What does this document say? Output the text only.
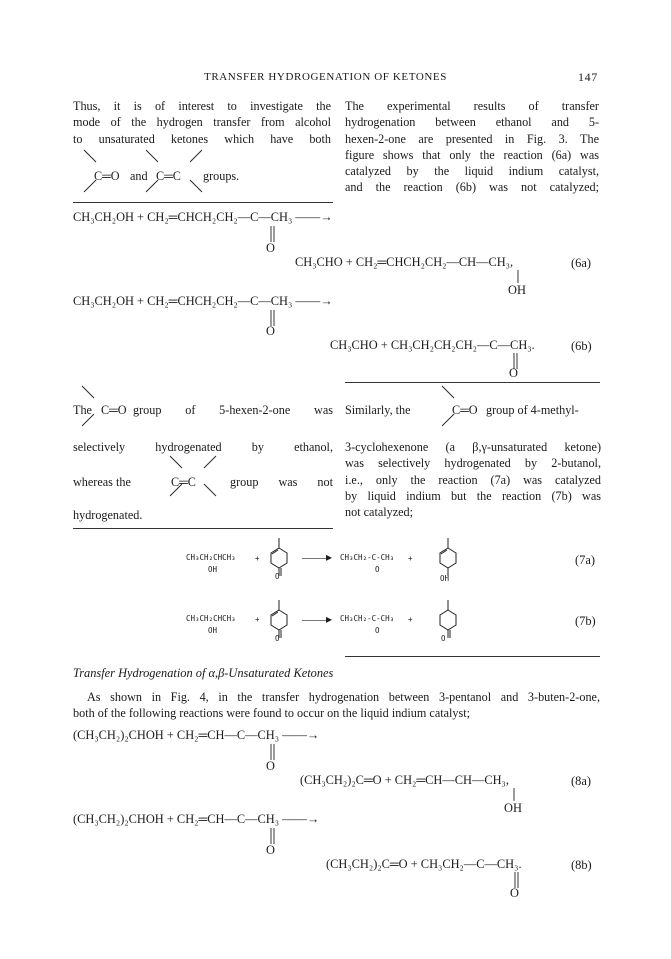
TRANSFER HYDROGENATION OF KETONES	147
Thus, it is of interest to investigate the
mode of the hydrogen transfer from alcohol
to unsaturated ketones which have both
C═O and C═C groups.
The experimental results of transfer
hydrogenation between ethanol and 5-
hexen-2-one are presented in Fig. 3. The
figure shows that only the reaction (6a) was
catalyzed by the liquid indium catalyst,
and the reaction (6b) was not catalyzed;
CH₃CH₂OH + CH₂═CHCH₂CH₂—C—CH₃ ——→
O
CH₃CHO + CH₂═CHCH₂CH₂—CH—CH₃,
OH
(6a)
CH₃CH₂OH + CH₂═CHCH₂CH₂—C—CH₃ ——→
O
CH₃CHO + CH₃CH₂CH₂CH₂—C—CH₃.
O
(6b)
The C═O group of 5-hexen-2-one was
selectively hydrogenated by ethanol,
whereas the	C═C	group was not
hydrogenated.
Similarly, the	C═O group of 4-methyl-
3-cyclohexenone (a β,γ-unsaturated ketone)
was selectively hydrogenated by 2-butanol,
i.e., only the reaction (7a) was catalyzed
by liquid indium but the reaction (7b) was
not catalyzed;
CH₃CH₂CHCH₃
OH
+
O
——▸ CH₃CH₂-C-CH₃
O
+
OH
(7a)
CH₃CH₂CHCH₃
OH
+
O
——▸ CH₃CH₂-C-CH₃
O
+
O
(7b)
Transfer Hydrogenation of α,β-Unsaturated Ketones
As shown in Fig. 4, in the transfer hydrogenation between 3-pentanol and 3-buten-2-one,
both of the following reactions were found to occur on the liquid indium catalyst;
(CH₃CH₂)₂CHOH + CH₂═CH—C—CH₃ ——→
O
(CH₃CH₂)₂C═O + CH₂═CH—CH—CH₃,
OH
(8a)
(CH₃CH₂)₂CHOH + CH₂═CH—C—CH₃ ——→
O
(CH₃CH₂)₂C═O + CH₃CH₂—C—CH₃.
O
(8b)
